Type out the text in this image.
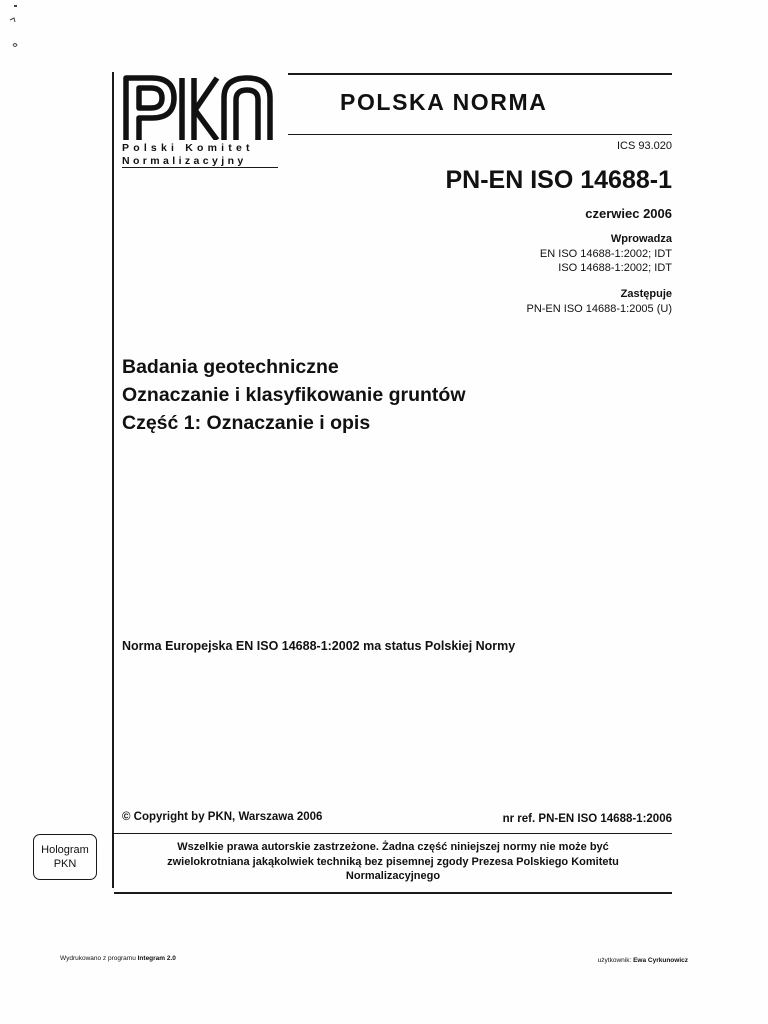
Polski Komitet
Normalizacyjny
POLSKA NORMA
ICS 93.020
PN-EN ISO 14688-1
czerwiec 2006
Wprowadza
EN ISO 14688-1:2002; IDT
ISO 14688-1:2002; IDT
Zastępuje
PN-EN ISO 14688-1:2005 (U)
Badania geotechniczne
Oznaczanie i klasyfikowanie gruntów
Część 1: Oznaczanie i opis
Norma Europejska EN ISO 14688-1:2002 ma status Polskiej Normy
© Copyright by PKN, Warszawa 2006	nr ref. PN-EN ISO 14688-1:2006
Hologram
PKN
Wszelkie prawa autorskie zastrzeżone. Żadna część niniejszej normy nie może być
zwielokrotniana jakąkolwiek techniką bez pisemnej zgody Prezesa Polskiego Komitetu
Normalizacyjnego
Wydrukowano z programu Integram 2.0	użytkownik: Ewa Cyrkunowicz
